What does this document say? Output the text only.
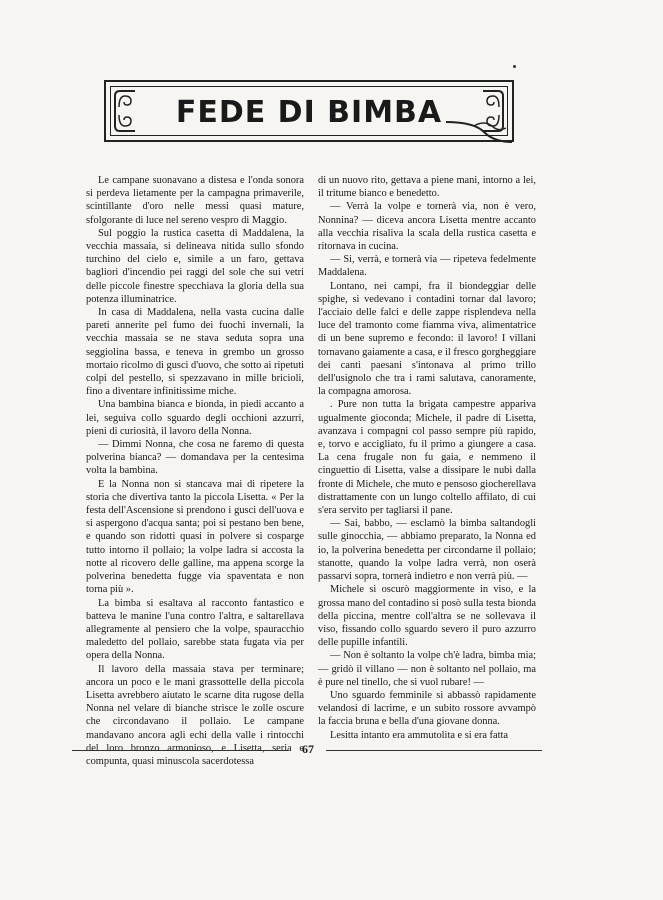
FEDE DI BIMBA

Le campane suonavano a distesa e l'onda sonora si perdeva lietamente per la campagna primaverile, scintillante d'oro nelle messi quasi mature, sfolgorante di luce nel sereno vespro di Maggio.

Sul poggio la rustica casetta di Maddalena, la vecchia massaia, si delineava nitida sullo sfondo turchino del cielo e, simile a un faro, gettava bagliori d'incendio pei raggi del sole che sui vetri delle piccole finestre specchiava la gloria della sua potenza illuminatrice.

In casa di Maddalena, nella vasta cucina dalle pareti annerite pel fumo dei fuochi invernali, la vecchia massaia se ne stava seduta sopra una seggiolina bassa, e teneva in grembo un grosso mortaio ricolmo di gusci d'uovo, che sotto ai ripetuti colpi del pestello, si spezzavano in mille briciolі, fino a diventare infinitissime miche.

Una bambina bianca e bionda, in piedi accanto a lei, seguiva collo sguardo degli occhioni azzurri, pieni di curiosità, il lavoro della Nonna.

— Dimmi Nonna, che cosa ne faremo di questa polverina bianca? — domandava per la centesima volta la bambina.

E la Nonna non si stancava mai di ripetere la storia che divertiva tanto la piccola Lisetta. « Per la festa dell'Ascensione si prendono i gusci dell'uova e si aspergono d'acqua santa; poi si pestano ben bene, e quando son ridotti quasi in polvere si cosparge tutto intorno il pollaio; la volpe ladra si accosta la notte al ricovero delle galline, ma appena scorge la polverina benedetta fugge via spaventata e non torna più ».

La bimba si esaltava al racconto fantastico e batteva le manine l'una contro l'altra, e saltarellava allegramente al pensiero che la volpe, spauracchio maledetto del pollaio, sarebbe stata fugata via per opera della Nonna.

Il lavoro della massaia stava per terminare; ancora un poco e le mani grassottelle della piccola Lisetta avrebbero aiutato le scarne dita rugose della Nonna nel velare di bianche strisce le zolle oscure che circondavano il pollaio. Le campane mandavano ancora agli echi della valle i rintocchi del loro bronzo armonioso, e Lisetta, seria e compunta, quasi minuscola sacerdotessa

di un nuovo rito, gettava a piene mani, intorno a lei, il tritume bianco e benedetto.

— Verrà la volpe e tornerà via, non è vero, Nonnina? — diceva ancora Lisetta mentre accanto alla vecchia risaliva la scala della rustica casetta e ritornava in cucina.

— Si, verrà, e tornerà via — ripeteva fedelmente Maddalena.

Lontano, nei campi, fra il biondeggiar delle spighe, si vedevano i contadini tornar dal lavoro; l'acciaio delle falci e delle zappe risplendeva nella luce del tramonto come fiamma viva, alimentatrice di un bene supremo e fecondo: il lavoro! I villani tornavano gaiamente a casa, e il fresco gorgheggiare dei canti paesani s'intonava al primo trillo dell'usignolo che tra i rami salutava, canoramente, la compagna amorosa.

. Pure non tutta la brigata campestre appariva ugualmente gioconda; Michele, il padre di Lisetta, avanzava i compagni col passo sempre più rapido, e, torvo e accigliato, fu il primo a giungere a casa. La cena frugale non fu gaia, e nemmeno il cinguettio di Lisetta, valse a dissipare le nubi dalla fronte di Michele, che muto e pensoso giocherellava distrattamente con un lungo coltello affilato, di cui s'era servito per tagliarsi il pane.

— Sai, babbo, — esclamò la bimba saltandogli sulle ginocchia, — abbiamo preparato, la Nonna ed io, la polverina benedetta per circondarne il pollaio; stanotte, quando la volpe ladra verrà, non oserà passarvi sopra, tornerà indietro e non verrà più. —

Michele si oscurò maggiormente in viso, e la grossa mano del contadino si posò sulla testa bionda della piccina, mentre coll'altra se ne sollevava il viso, fissando collo sguardo severo il puro azzurro delle pupille infantili.

— Non è soltanto la volpe ch'è ladra, bimba mia; — gridò il villano — non è soltanto nel pollaio, ma è pure nel tinello, che si vuol rubare! —

Uno sguardo femminile si abbassò rapidamente velandosi di lacrime, e un subito rossore avvampò la faccia bruna e bella d'una giovane donna.

Lesitta intanto era ammutolita e si era fatta

67
